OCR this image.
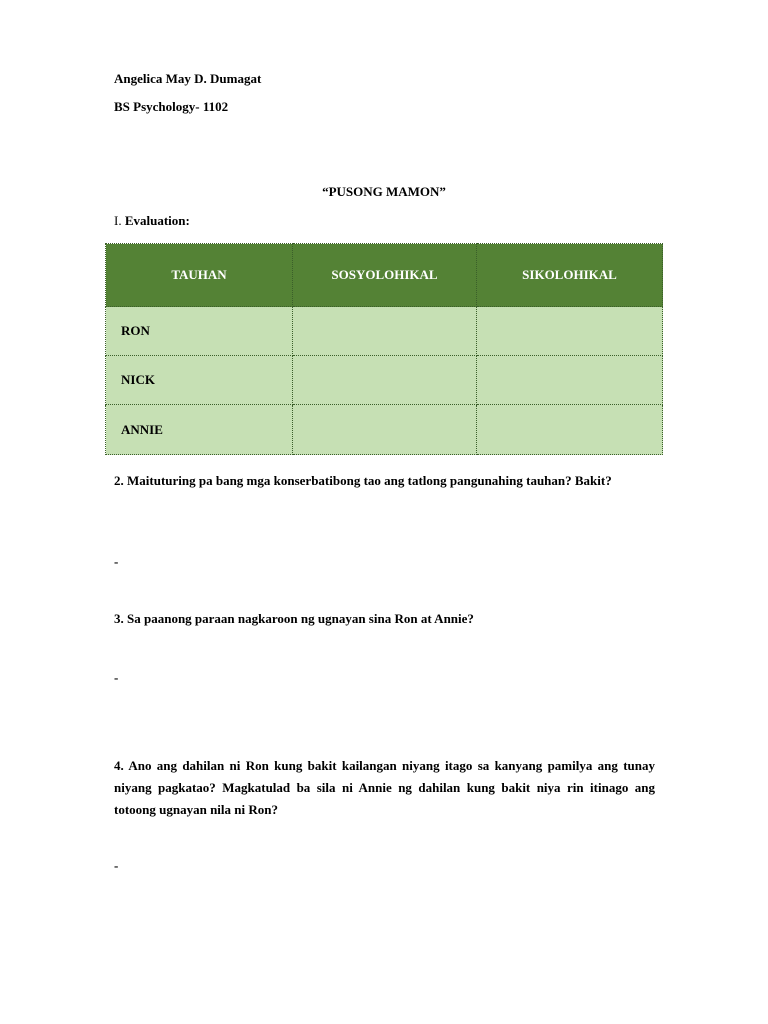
Angelica May D. Dumagat
BS Psychology- 1102
“PUSONG MAMON”
I. Evaluation:
TAUHAN	SOSYOLOHIKAL	SIKOLOHIKAL
RON		
NICK		
ANNIE		
2. Maituturing pa bang mga konserbatibong tao ang tatlong pangunahing tauhan? Bakit?
-
3. Sa paanong paraan nagkaroon ng ugnayan sina Ron at Annie?
-
4. Ano ang dahilan ni Ron kung bakit kailangan niyang itago sa kanyang pamilya ang tunay niyang pagkatao? Magkatulad ba sila ni Annie ng dahilan kung bakit niya rin itinago ang totoong ugnayan nila ni Ron?
-
